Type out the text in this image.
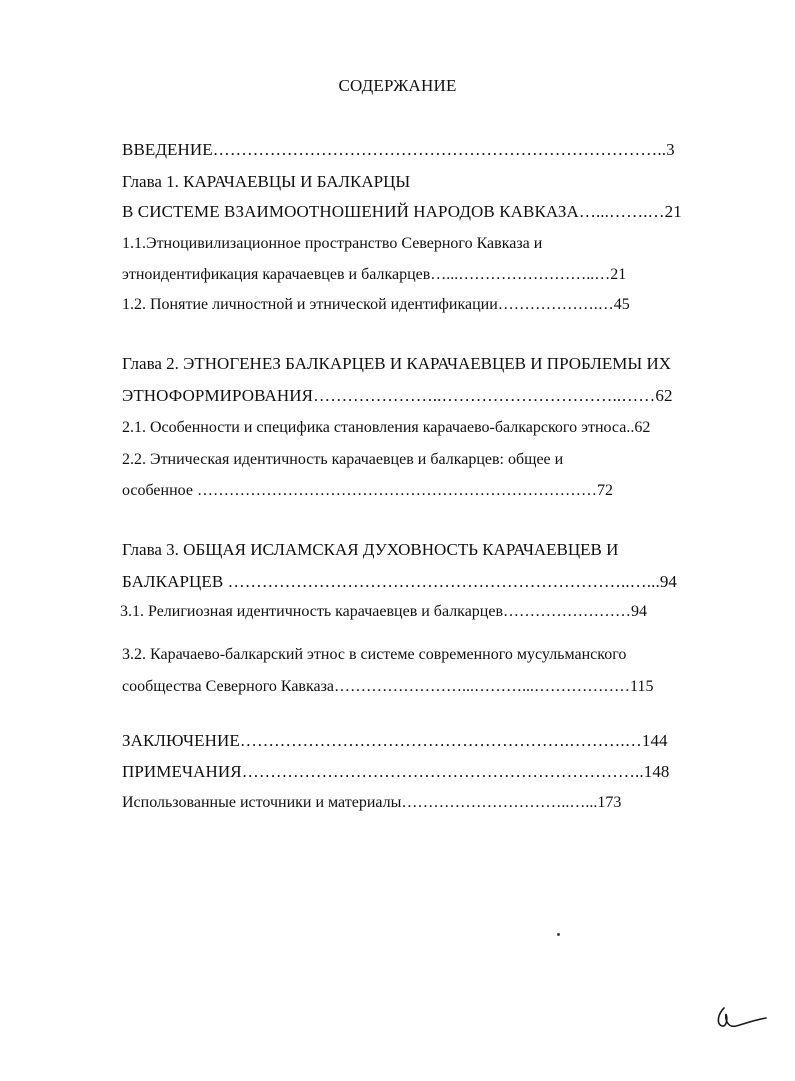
СОДЕРЖАНИЕ
ВВЕДЕНИЕ……………………………………………………………………..3
Глава 1. КАРАЧАЕВЦЫ И БАЛКАРЦЫ
В СИСТЕМЕ ВЗАИМООТНОШЕНИЙ НАРОДОВ КАВКАЗА…...…….…21
1.1.Этноцивилизационное пространство Северного Кавказа и
этноидентификация карачаевцев и балкарцев…...……………………..…21
1.2. Понятие личностной и этнической идентификации……………….…45
Глава 2. ЭТНОГЕНЕЗ БАЛКАРЦЕВ И КАРАЧАЕВЦЕВ И ПРОБЛЕМЫ ИХ
ЭТНОФОРМИРОВАНИЯ…………………..…………………………..……62
2.1. Особенности и специфика становления карачаево-балкарского этноса..62
2.2. Этническая идентичность карачаевцев и балкарцев: общее и
особенное …………………………………………………………………72
Глава 3. ОБЩАЯ ИСЛАМСКАЯ ДУХОВНОСТЬ КАРАЧАЕВЦЕВ И
БАЛКАРЦЕВ ……………………………………………………………..…...94
3.1. Религиозная идентичность карачаевцев и балкарцев……………………94
3.2. Карачаево-балкарский этнос в системе современного мусульманского
сообщества Северного Кавказа……………………...………...………………115
ЗАКЛЮЧЕНИЕ………………………………………………….……….…144
ПРИМЕЧАНИЯ……………………………………………………………..148
Использованные источники и материалы…………………………..…...173
